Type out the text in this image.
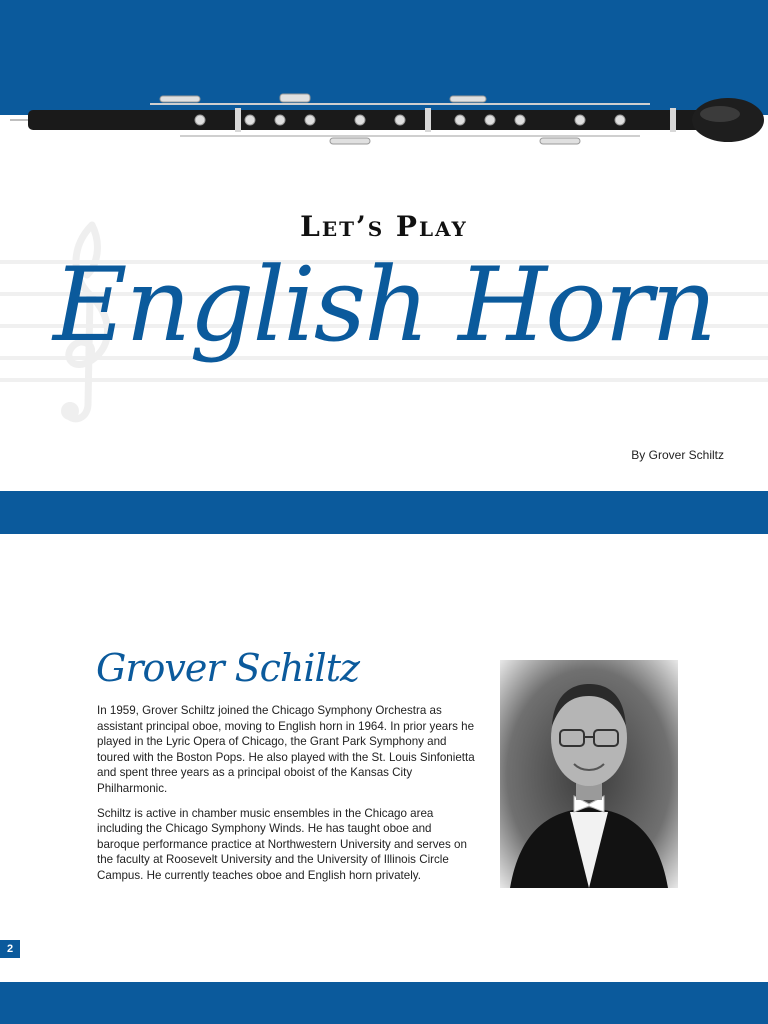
Let’s Play
English Horn
By Grover Schiltz
Grover Schiltz

In 1959, Grover Schiltz joined the Chicago Symphony Orchestra as assistant principal oboe, moving to English horn in 1964. In prior years he played in the Lyric Opera of Chicago, the Grant Park Symphony and toured with the Boston Pops. He also played with the St. Louis Sinfonietta and spent three years as a principal oboist of the Kansas City Philharmonic.

Schiltz is active in chamber music ensembles in the Chicago area including the Chicago Symphony Winds. He has taught oboe and baroque performance practice at Northwestern University and serves on the faculty at Roosevelt University and the University of Illinois Circle Campus. He currently teaches oboe and English horn privately.

2
